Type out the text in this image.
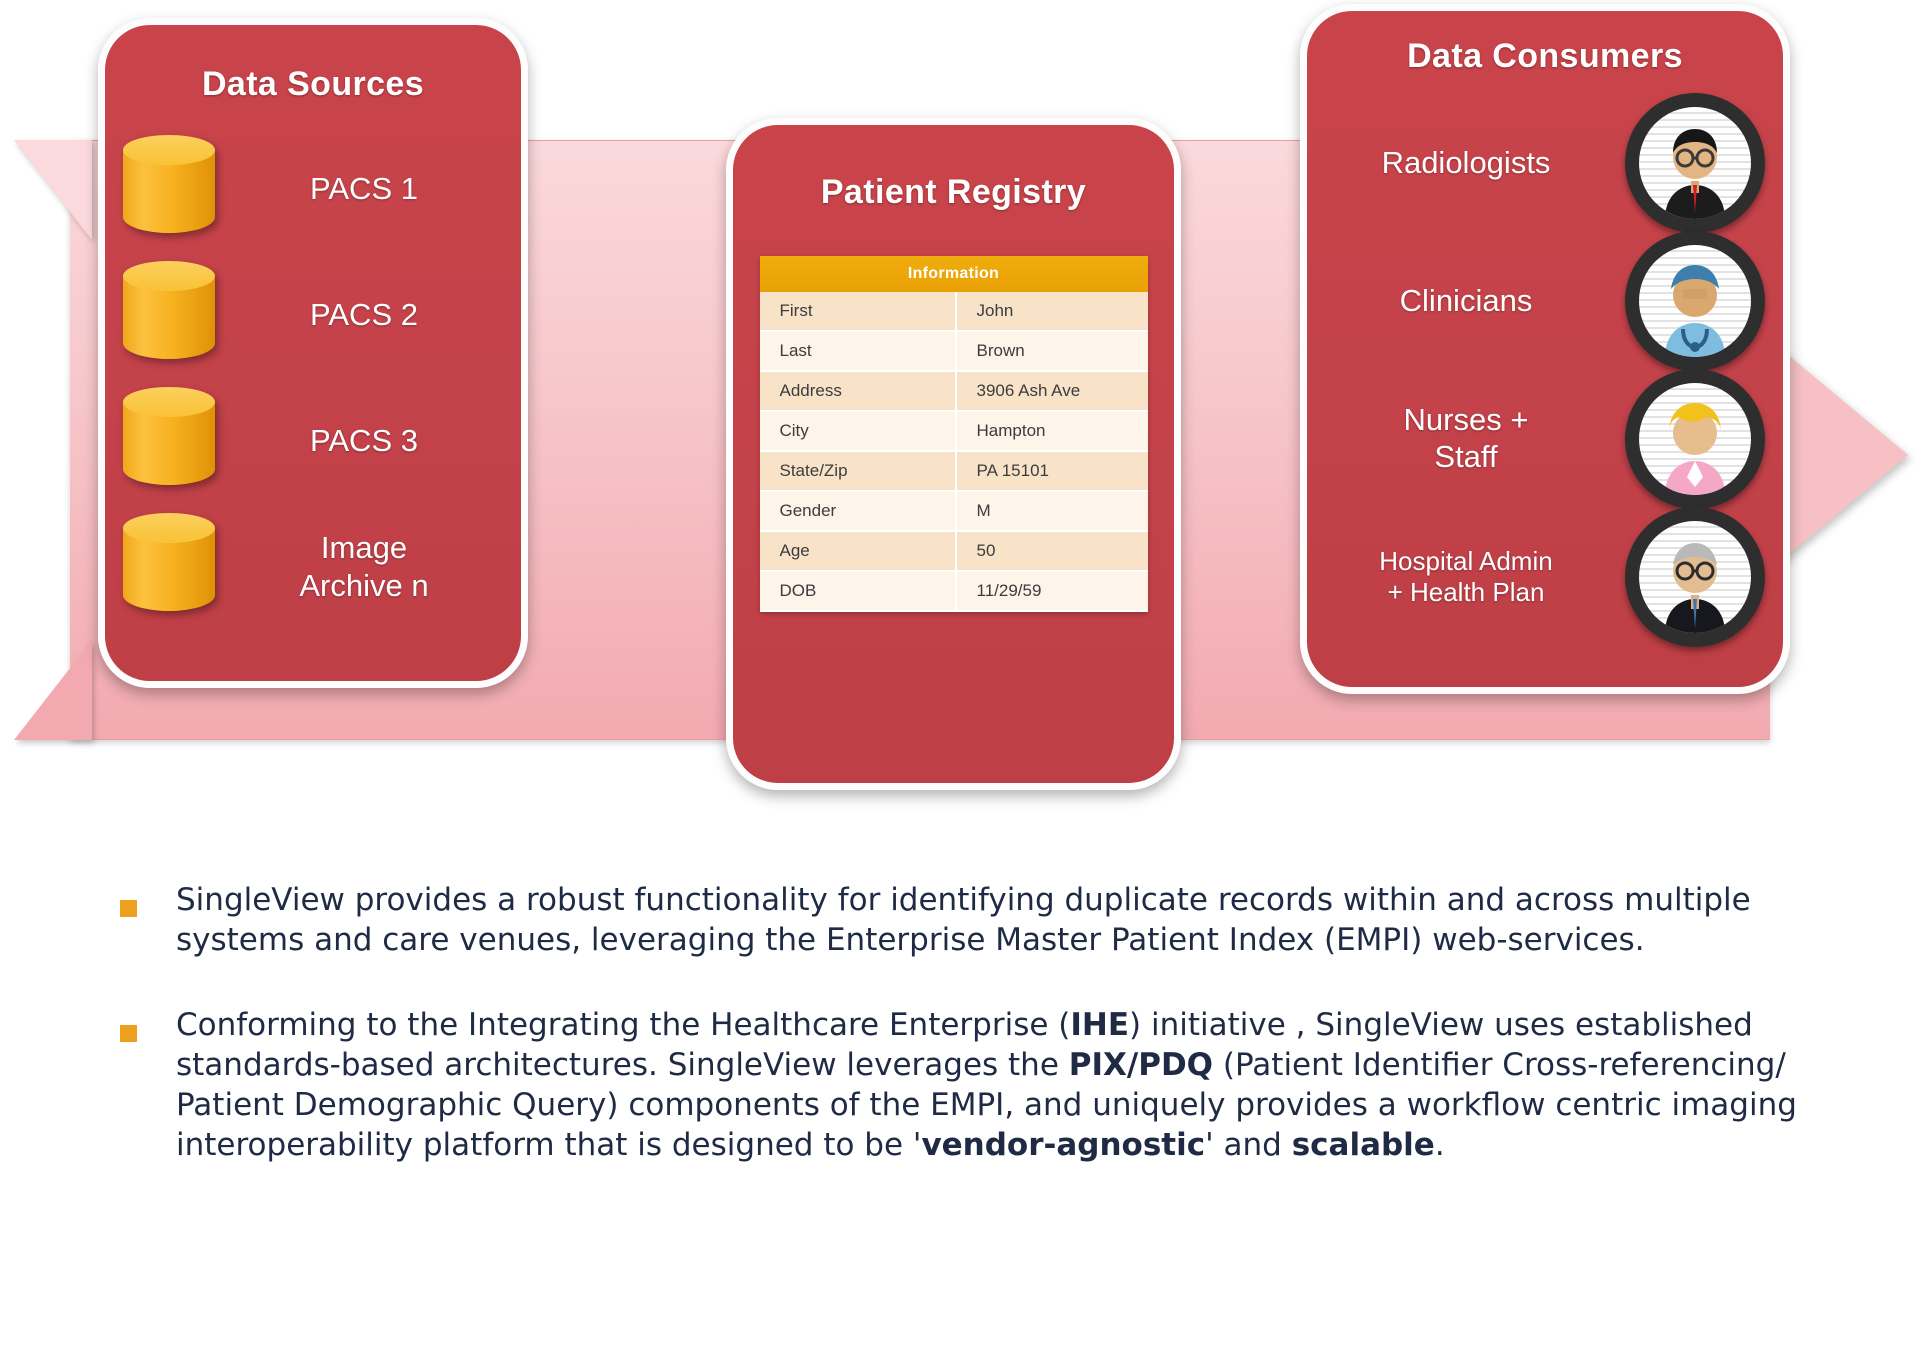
Data Sources
PACS 1
PACS 2
PACS 3
Image
Archive n
Patient Registry
Information	
First	John
Last	Brown
Address	3906 Ash Ave
City	Hampton
State/Zip	PA 15101
Gender	M
Age	50
DOB	11/29/59
Data Consumers
Radiologists
Clinicians
Nurses +
Staff
Hospital Admin
+ Health Plan
SingleView provides a robust functionality for identifying duplicate records within and across multiple systems and care venues, leveraging the Enterprise Master Patient Index (EMPI) web-services.
Conforming to the Integrating the Healthcare Enterprise (IHE) initiative , SingleView uses established standards-based architectures. SingleView leverages the PIX/PDQ (Patient Identifier Cross-referencing/ Patient Demographic Query) components of the EMPI, and uniquely provides a workflow centric imaging interoperability platform that is designed to be 'vendor-agnostic' and scalable.
